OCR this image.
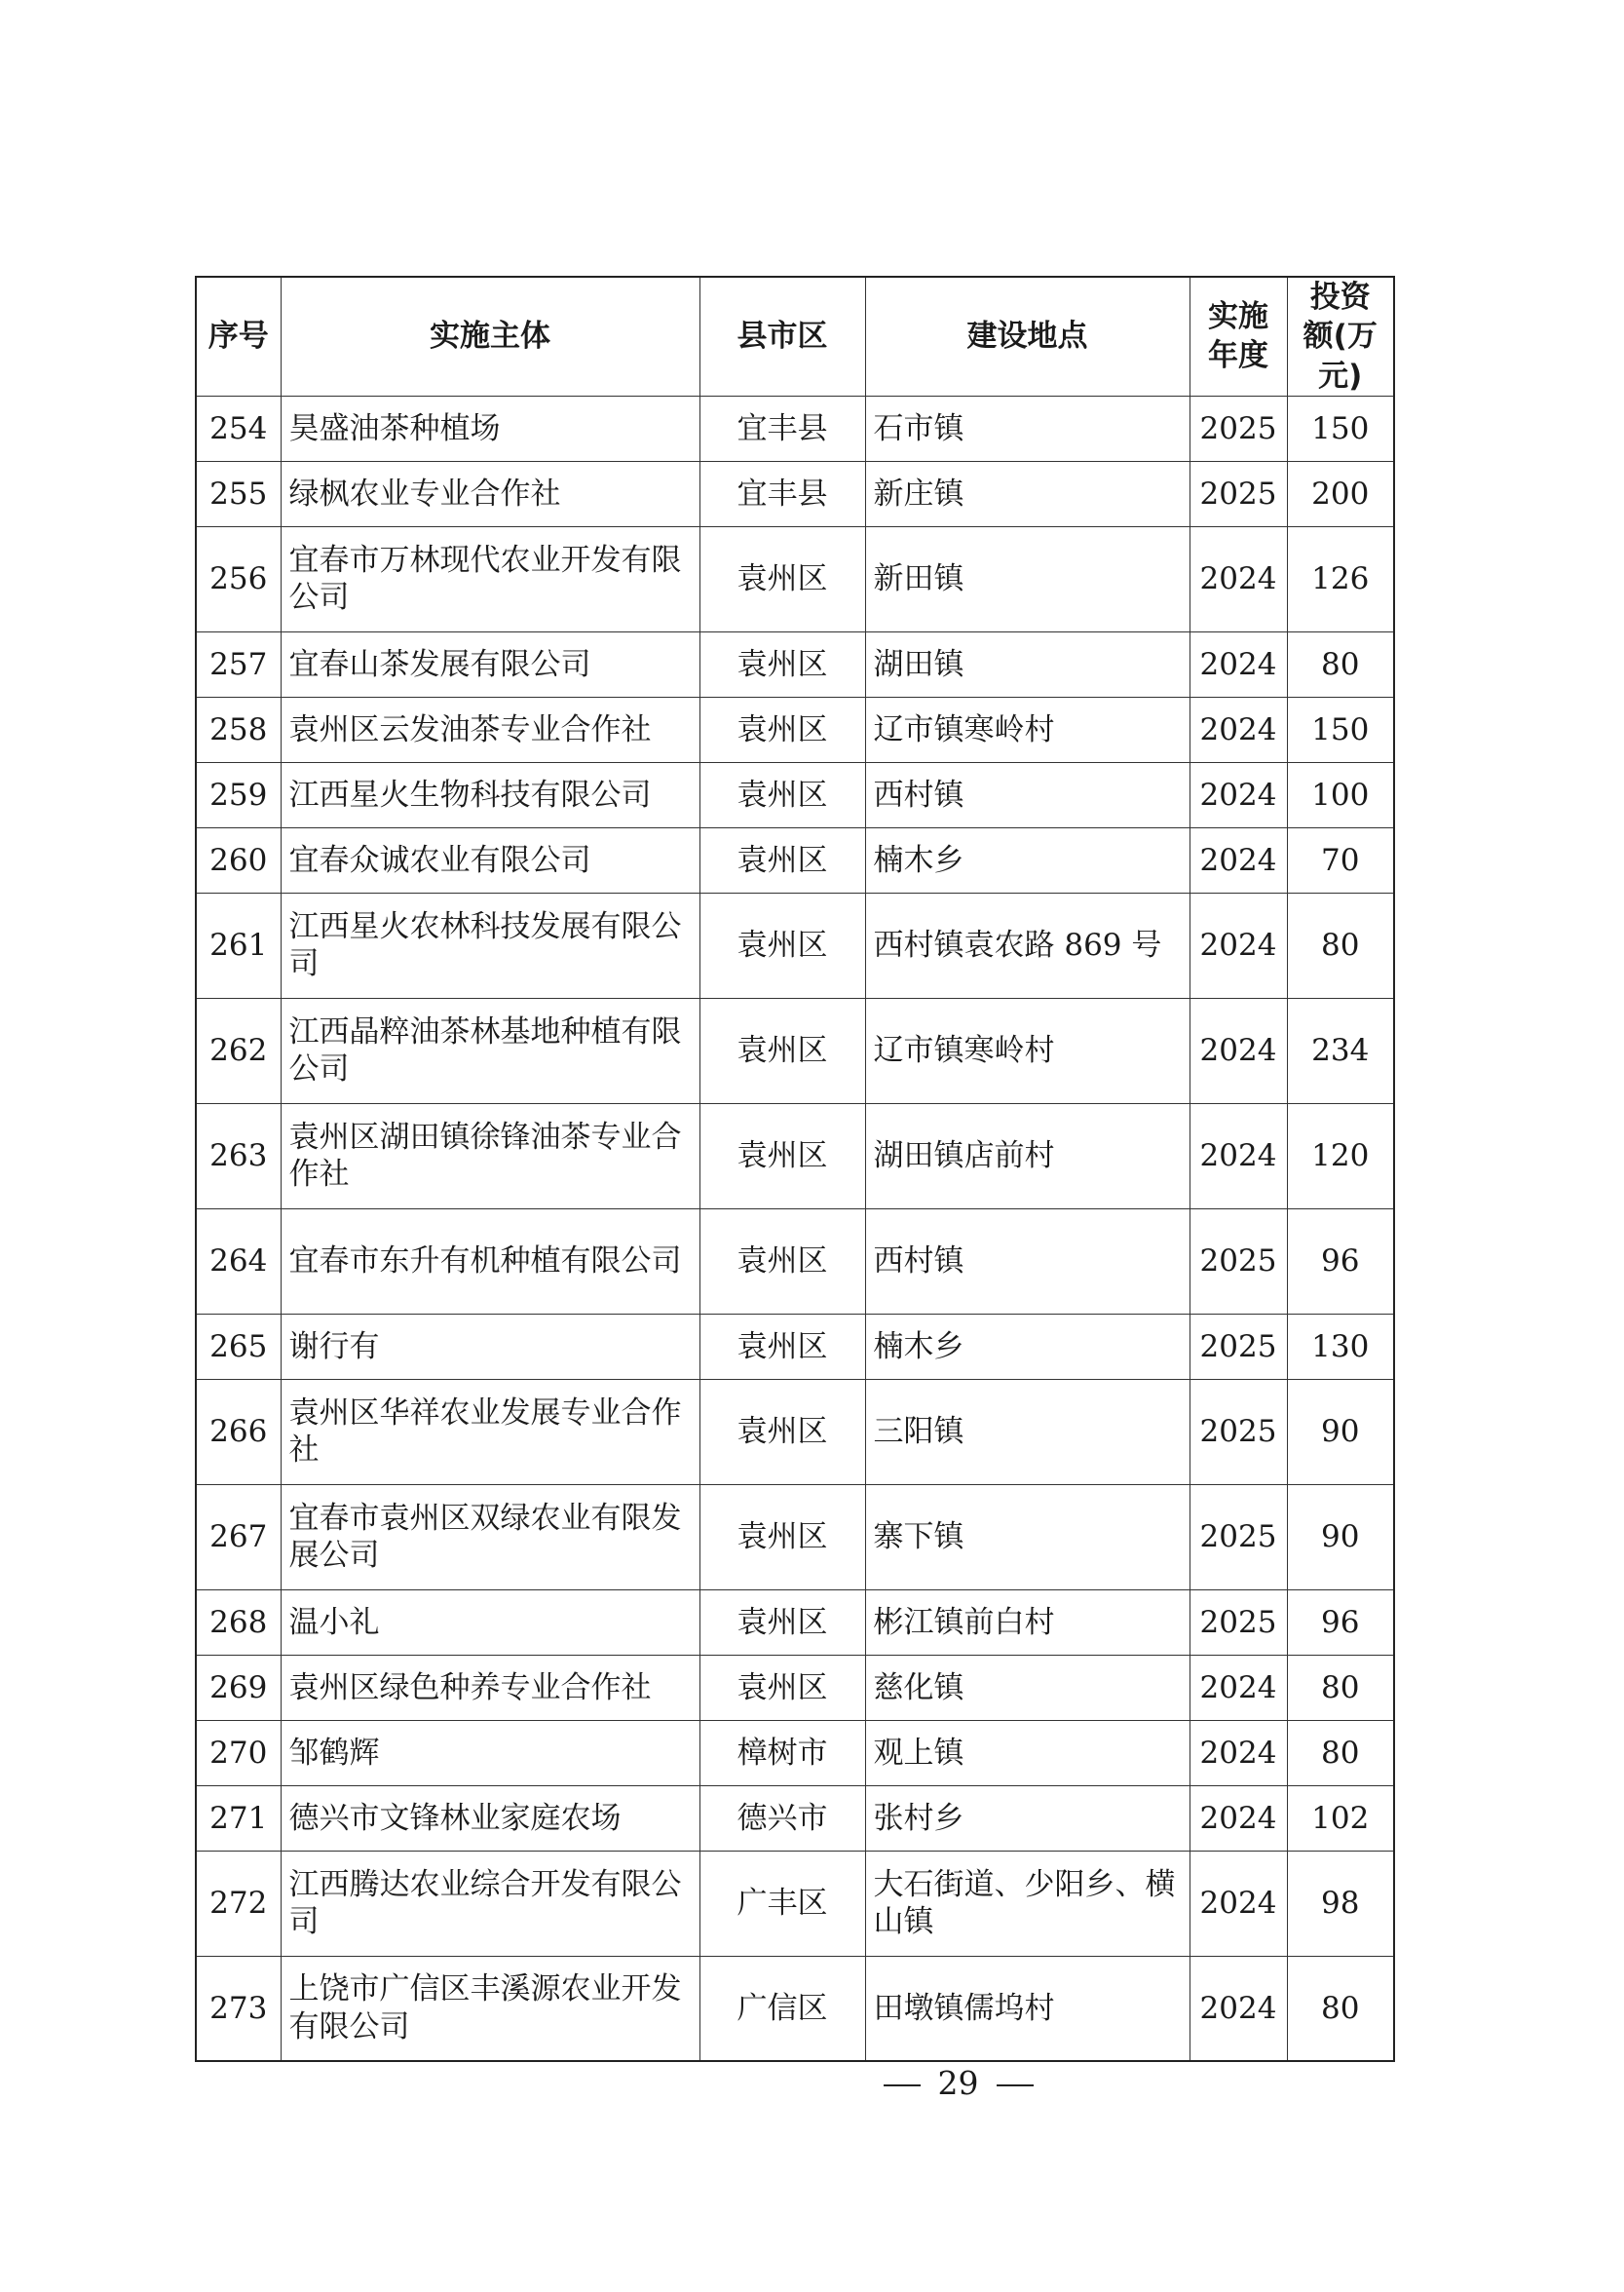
序号	实施主体	县市区	建设地点	实施年度	投资额(万元)
254	昊盛油茶种植场	宜丰县	石市镇	2025	150
255	绿枫农业专业合作社	宜丰县	新庄镇	2025	200
256	宜春市万林现代农业开发有限公司	袁州区	新田镇	2024	126
257	宜春山茶发展有限公司	袁州区	湖田镇	2024	80
258	袁州区云发油茶专业合作社	袁州区	辽市镇寒岭村	2024	150
259	江西星火生物科技有限公司	袁州区	西村镇	2024	100
260	宜春众诚农业有限公司	袁州区	楠木乡	2024	70
261	江西星火农林科技发展有限公司	袁州区	西村镇袁农路 869 号	2024	80
262	江西晶粹油茶林基地种植有限公司	袁州区	辽市镇寒岭村	2024	234
263	袁州区湖田镇徐锋油茶专业合作社	袁州区	湖田镇店前村	2024	120
264	宜春市东升有机种植有限公司	袁州区	西村镇	2025	96
265	谢行有	袁州区	楠木乡	2025	130
266	袁州区华祥农业发展专业合作社	袁州区	三阳镇	2025	90
267	宜春市袁州区双绿农业有限发展公司	袁州区	寨下镇	2025	90
268	温小礼	袁州区	彬江镇前白村	2025	96
269	袁州区绿色种养专业合作社	袁州区	慈化镇	2024	80
270	邹鹤辉	樟树市	观上镇	2024	80
271	德兴市文锋林业家庭农场	德兴市	张村乡	2024	102
272	江西腾达农业综合开发有限公司	广丰区	大石街道、少阳乡、横山镇	2024	98
273	上饶市广信区丰溪源农业开发有限公司	广信区	田墩镇儒坞村	2024	80
29
